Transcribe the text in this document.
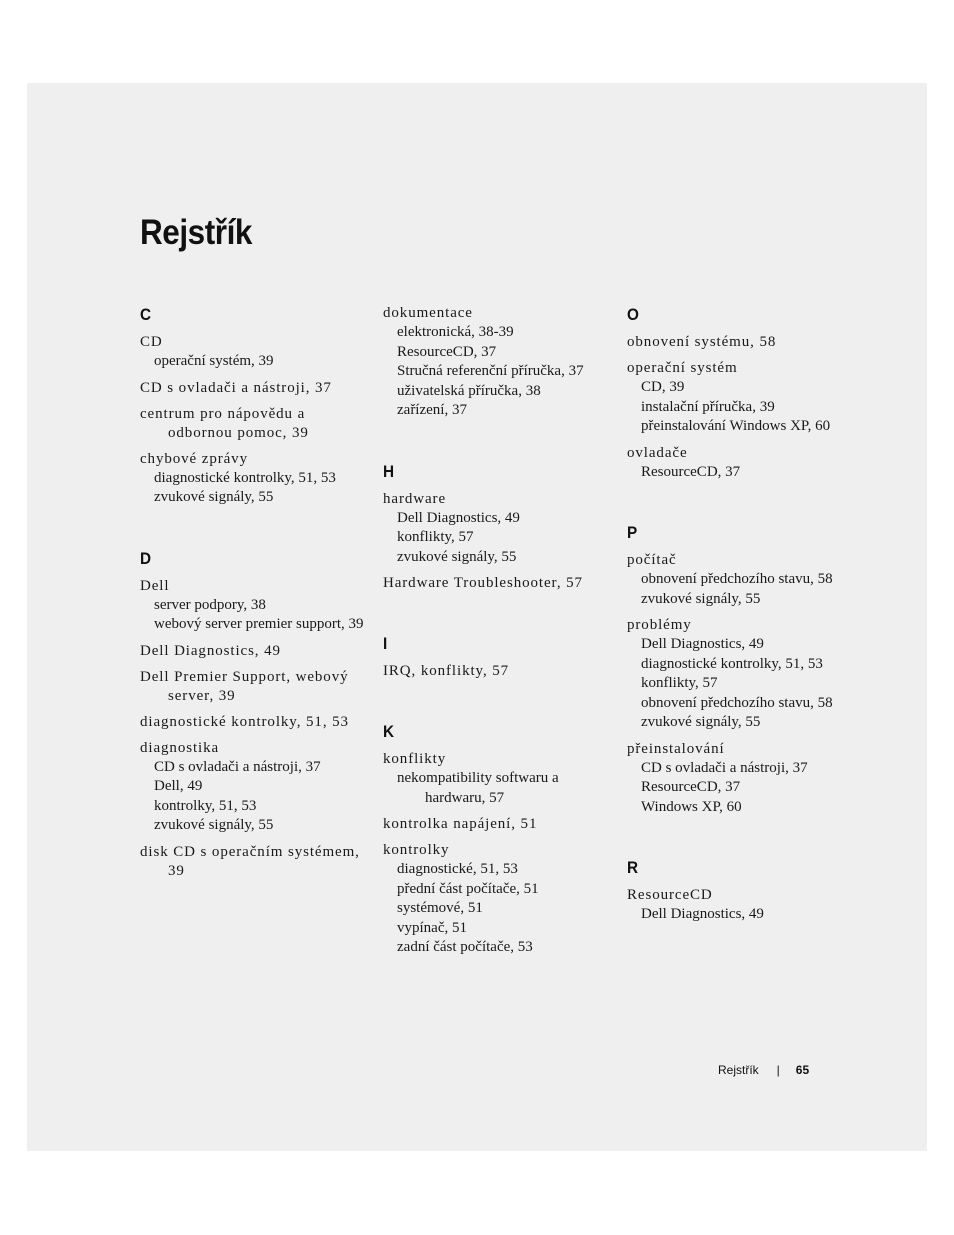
Rejstřík
C
CD
operační systém, 39
CD s ovladači a nástroji, 37
centrum pro nápovědu a odbornou pomoc, 39
chybové zprávy
diagnostické kontrolky, 51, 53
zvukové signály, 55
D
Dell
server podpory, 38
webový server premier support, 39
Dell Diagnostics, 49
Dell Premier Support, webový server, 39
diagnostické kontrolky, 51, 53
diagnostika
CD s ovladači a nástroji, 37
Dell, 49
kontrolky, 51, 53
zvukové signály, 55
disk CD s operačním systémem, 39
dokumentace
elektronická, 38-39
ResourceCD, 37
Stručná referenční příručka, 37
uživatelská příručka, 38
zařízení, 37
H
hardware
Dell Diagnostics, 49
konflikty, 57
zvukové signály, 55
Hardware Troubleshooter, 57
I
IRQ, konflikty, 57
K
konflikty
nekompatibility softwaru a hardwaru, 57
kontrolka napájení, 51
kontrolky
diagnostické, 51, 53
přední část počítače, 51
systémové, 51
vypínač, 51
zadní část počítače, 53
O
obnovení systému, 58
operační systém
CD, 39
instalační příručka, 39
přeinstalování Windows XP, 60
ovladače
ResourceCD, 37
P
počítač
obnovení předchozího stavu, 58
zvukové signály, 55
problémy
Dell Diagnostics, 49
diagnostické kontrolky, 51, 53
konflikty, 57
obnovení předchozího stavu, 58
zvukové signály, 55
přeinstalování
CD s ovladači a nástroji, 37
ResourceCD, 37
Windows XP, 60
R
ResourceCD
Dell Diagnostics, 49
Rejstřík | 65
